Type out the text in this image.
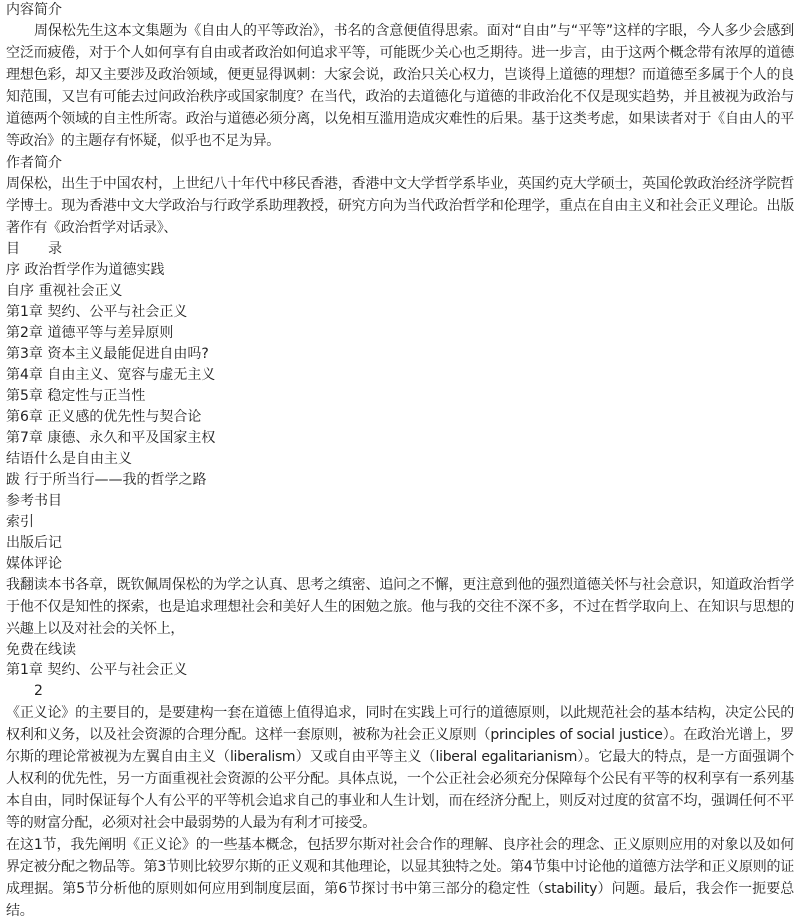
内容简介
周保松先生这本文集题为《自由人的平等政治》，书名的含意便值得思索。面对“自由”与“平等”这样的字眼，今人多少会感到空泛而疲倦，对于个人如何享有自由或者政治如何追求平等，可能既少关心也乏期待。进一步言，由于这两个概念带有浓厚的道德理想色彩，却又主要涉及政治领域，便更显得讽刺：大家会说，政治只关心权力，岂谈得上道德的理想？而道德至多属于个人的良知范围，又岂有可能去过问政治秩序或国家制度？在当代，政治的去道德化与道德的非政治化不仅是现实趋势，并且被视为政治与道德两个领域的自主性所寄。政治与道德必须分离，以免相互滥用造成灾难性的后果。基于这类考虑，如果读者对于《自由人的平等政治》的主题存有怀疑，似乎也不足为异。
作者简介
周保松，出生于中国农村，上世纪八十年代中移民香港，香港中文大学哲学系毕业，英国约克大学硕士，英国伦敦政治经济学院哲学博士。现为香港中文大学政治与行政学系助理教授，研究方向为当代政治哲学和伦理学，重点在自由主义和社会正义理论。出版著作有《政治哲学对话录》、
目　　录
序 政治哲学作为道德实践
自序 重视社会正义
第1章 契约、公平与社会正义
第2章 道德平等与差异原则
第3章 资本主义最能促进自由吗?
第4章 自由主义、宽容与虚无主义
第5章 稳定性与正当性
第6章 正义感的优先性与契合论
第7章 康德、永久和平及国家主权
结语什么是自由主义
跋 行于所当行——我的哲学之路
参考书目
索引
出版后记
媒体评论
我翻读本书各章，既钦佩周保松的为学之认真、思考之缜密、追问之不懈，更注意到他的强烈道德关怀与社会意识，知道政治哲学于他不仅是知性的探索，也是追求理想社会和美好人生的困勉之旅。他与我的交往不深不多，不过在哲学取向上、在知识与思想的兴趣上以及对社会的关怀上，
免费在线读
第1章 契约、公平与社会正义
2
《正义论》的主要目的，是要建构一套在道德上值得追求，同时在实践上可行的道德原则，以此规范社会的基本结构，决定公民的权利和义务，以及社会资源的合理分配。这样一套原则，被称为社会正义原则（principles of social justice）。在政治光谱上，罗尔斯的理论常被视为左翼自由主义（liberalism）又或自由平等主义（liberal egalitarianism）。它最大的特点，是一方面强调个人权利的优先性，另一方面重视社会资源的公平分配。具体点说，一个公正社会必须充分保障每个公民有平等的权利享有一系列基本自由，同时保证每个人有公平的平等机会追求自己的事业和人生计划，而在经济分配上，则反对过度的贫富不均，强调任何不平等的财富分配，必须对社会中最弱势的人最为有利才可接受。
在这1节，我先阐明《正义论》的一些基本概念，包括罗尔斯对社会合作的理解、良序社会的理念、正义原则应用的对象以及如何界定被分配之物品等。第3节则比较罗尔斯的正义观和其他理论，以显其独特之处。第4节集中讨论他的道德方法学和正义原则的证成理据。第5节分析他的原则如何应用到制度层面，第6节探讨书中第三部分的稳定性（stability）问题。最后，我会作一扼要总结。
